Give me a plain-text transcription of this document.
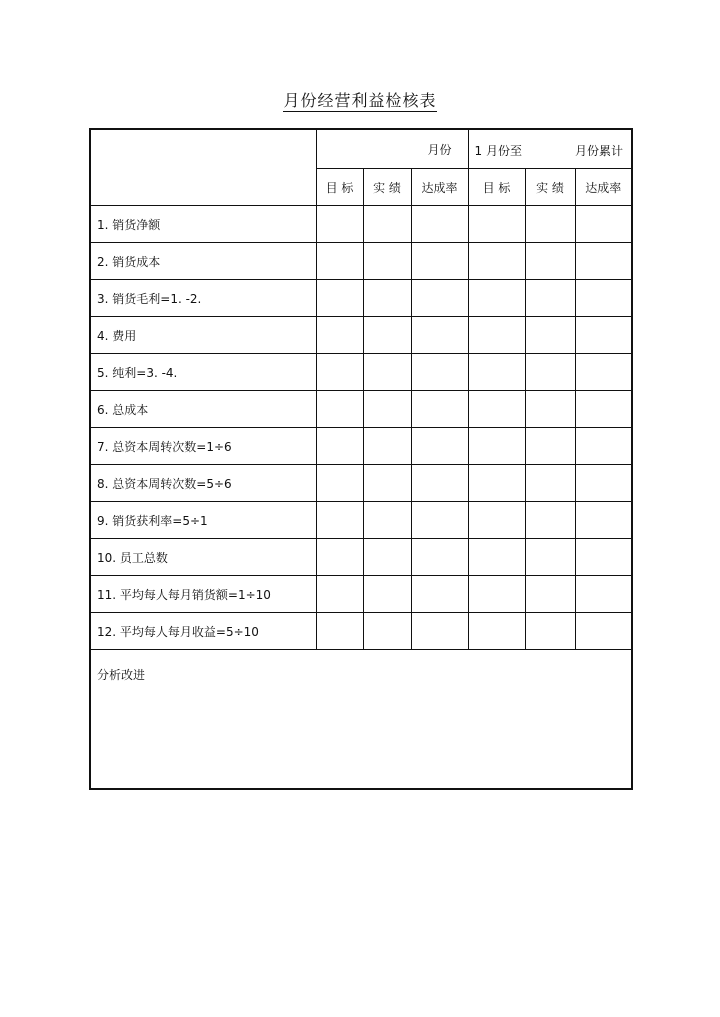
月份经营利益检核表
	月份			1 月份至 月份累计		

	目 标	实 绩	达成率	目 标	实 绩	达成率
1. 销货净额						
2. 销货成本						
3. 销货毛利=1. -2.						
4. 费用						
5. 纯利=3. -4.						
6. 总成本						
7. 总资本周转次数=1÷6						
8. 总资本周转次数=5÷6						
9. 销货获利率=5÷1						
10. 员工总数						
11. 平均每人每月销货额=1÷10						
12. 平均每人每月收益=5÷10						
分析改进						
